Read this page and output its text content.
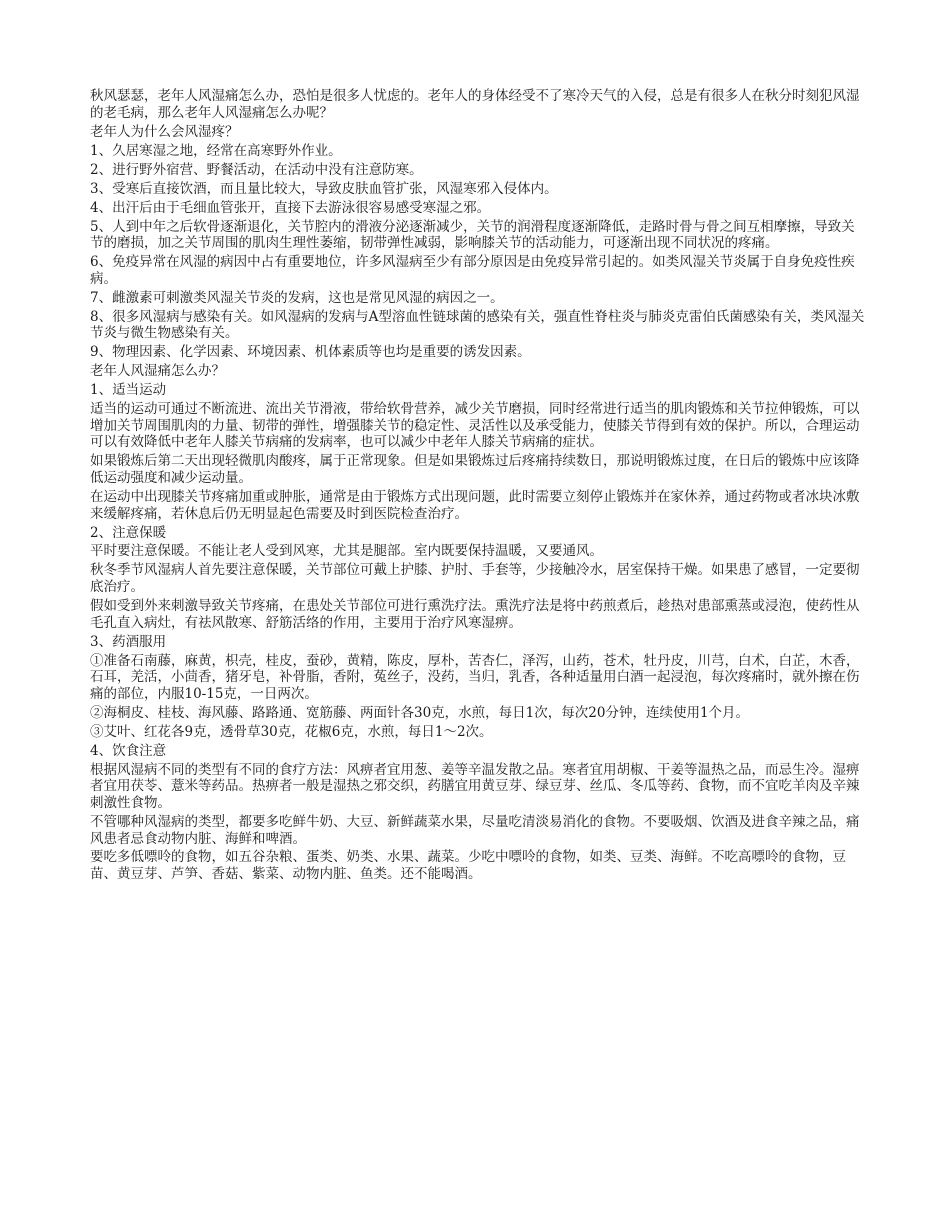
秋风瑟瑟，老年人风湿痛怎么办，恐怕是很多人忧虑的。老年人的身体经受不了寒冷天气的入侵，总是有很多人在秋分时刻犯风湿的老毛病，那么老年人风湿痛怎么办呢？

老年人为什么会风湿疼？

1、久居寒湿之地，经常在高寒野外作业。

2、进行野外宿营、野餐活动，在活动中没有注意防寒。

3、受寒后直接饮酒，而且量比较大，导致皮肤血管扩张，风湿寒邪入侵体内。

4、出汗后由于毛细血管张开，直接下去游泳很容易感受寒湿之邪。

5、人到中年之后软骨逐渐退化，关节腔内的滑液分泌逐渐减少，关节的润滑程度逐渐降低，走路时骨与骨之间互相摩擦，导致关节的磨损，加之关节周围的肌肉生理性萎缩，韧带弹性减弱，影响膝关节的活动能力，可逐渐出现不同状况的疼痛。

6、免疫异常在风湿的病因中占有重要地位，许多风湿病至少有部分原因是由免疫异常引起的。如类风湿关节炎属于自身免疫性疾病。

7、雌激素可刺激类风湿关节炎的发病，这也是常见风湿的病因之一。

8、很多风湿病与感染有关。如风湿病的发病与A型溶血性链球菌的感染有关，强直性脊柱炎与肺炎克雷伯氏菌感染有关，类风湿关节炎与微生物感染有关。

9、物理因素、化学因素、环境因素、机体素质等也均是重要的诱发因素。

老年人风湿痛怎么办？

1、适当运动

适当的运动可通过不断流进、流出关节滑液，带给软骨营养，减少关节磨损，同时经常进行适当的肌肉锻炼和关节拉伸锻炼，可以增加关节周围肌肉的力量、韧带的弹性，增强膝关节的稳定性、灵活性以及承受能力，使膝关节得到有效的保护。所以，合理运动可以有效降低中老年人膝关节病痛的发病率，也可以减少中老年人膝关节病痛的症状。

如果锻炼后第二天出现轻微肌肉酸疼，属于正常现象。但是如果锻炼过后疼痛持续数日，那说明锻炼过度，在日后的锻炼中应该降低运动强度和减少运动量。

在运动中出现膝关节疼痛加重或肿胀，通常是由于锻炼方式出现问题，此时需要立刻停止锻炼并在家休养，通过药物或者冰块冰敷来缓解疼痛，若休息后仍无明显起色需要及时到医院检查治疗。

2、注意保暖

平时要注意保暖。不能让老人受到风寒，尤其是腿部。室内既要保持温暖，又要通风。

秋冬季节风湿病人首先要注意保暖，关节部位可戴上护膝、护肘、手套等，少接触冷水，居室保持干燥。如果患了感冒，一定要彻底治疗。

假如受到外来刺激导致关节疼痛，在患处关节部位可进行熏洗疗法。熏洗疗法是将中药煎煮后，趁热对患部熏蒸或浸泡，使药性从毛孔直入病灶，有祛风散寒、舒筋活络的作用，主要用于治疗风寒湿痹。

3、药酒服用

①准备石南藤，麻黄，枳壳，桂皮，蚕砂，黄精，陈皮，厚朴，苦杏仁，泽泻，山药，苍术，牡丹皮，川芎，白术，白芷，木香，石耳，羌活，小茴香，猪牙皂，补骨脂，香附，菟丝子，没药，当归，乳香，各种适量用白酒一起浸泡，每次疼痛时，就外擦在伤痛的部位，内服10-15克，一日两次。

②海桐皮、桂枝、海风藤、路路通、宽筋藤、两面针各30克，水煎，每日1次，每次20分钟，连续使用1个月。

③艾叶、红花各9克，透骨草30克，花椒6克，水煎，每日1～2次。

4、饮食注意

根据风湿病不同的类型有不同的食疗方法：风痹者宜用葱、姜等辛温发散之品。寒者宜用胡椒、干姜等温热之品，而忌生冷。湿痹者宜用茯苓、薏米等药品。热痹者一般是湿热之邪交织，药膳宜用黄豆芽、绿豆芽、丝瓜、冬瓜等药、食物，而不宜吃羊肉及辛辣刺激性食物。

不管哪种风湿病的类型，都要多吃鲜牛奶、大豆、新鲜蔬菜水果，尽量吃清淡易消化的食物。不要吸烟、饮酒及进食辛辣之品，痛风患者忌食动物内脏、海鲜和啤酒。

要吃多低嘌呤的食物，如五谷杂粮、蛋类、奶类、水果、蔬菜。少吃中嘌呤的食物，如类、豆类、海鲜。不吃高嘌呤的食物，豆苗、黄豆芽、芦笋、香菇、紫菜、动物内脏、鱼类。还不能喝酒。
